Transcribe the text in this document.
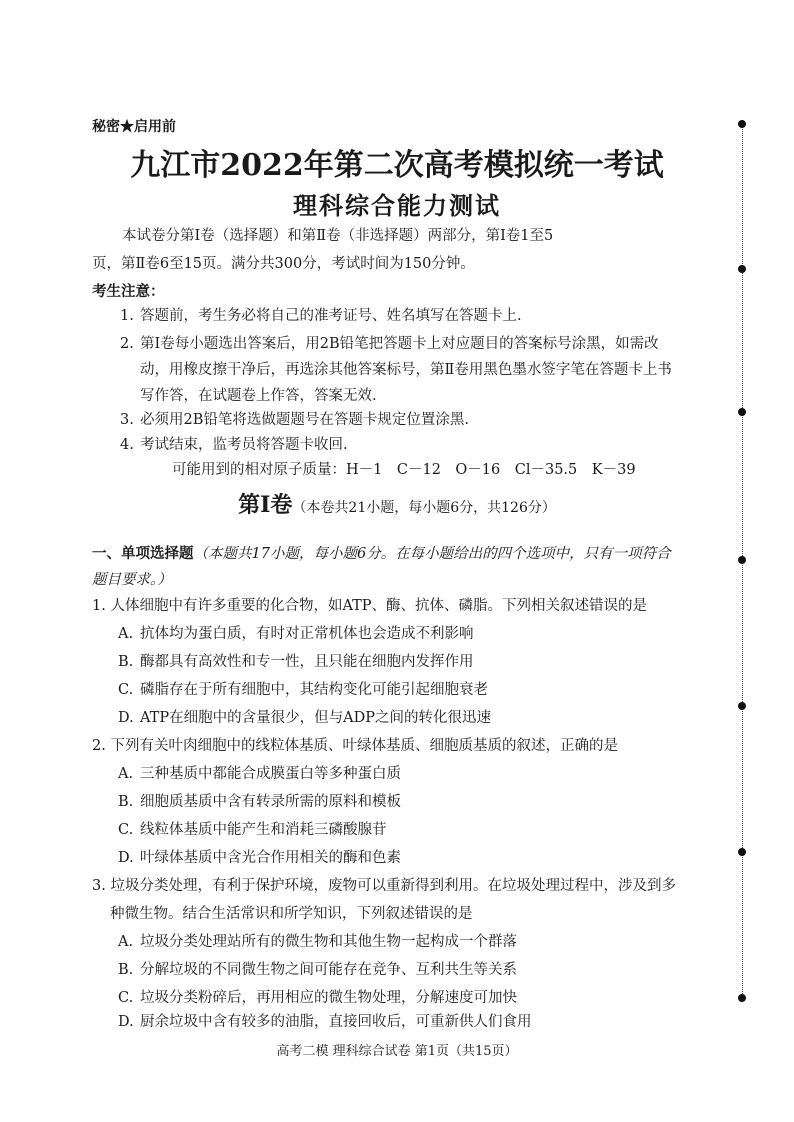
秘密★启用前
九江市2022年第二次高考模拟统一考试
理科综合能力测试
本试卷分第Ⅰ卷（选择题）和第Ⅱ卷（非选择题）两部分，第Ⅰ卷1至5
页，第Ⅱ卷6至15页。满分共300分，考试时间为150分钟。
考生注意：
1. 答题前，考生务必将自己的准考证号、姓名填写在答题卡上.
2. 第Ⅰ卷每小题选出答案后，用2B铅笔把答题卡上对应题目的答案标号涂黑，如需改
动，用橡皮擦干净后，再选涂其他答案标号，第Ⅱ卷用黑色墨水签字笔在答题卡上书
写作答，在试题卷上作答，答案无效.
3. 必须用2B铅笔将选做题题号在答题卡规定位置涂黑.
4. 考试结束，监考员将答题卡收回.
可能用到的相对原子质量：H－1　C－12　O－16　Cl－35.5　K－39
第Ⅰ卷（本卷共21小题，每小题6分，共126分）
一、单项选择题（本题共17小题，每小题6分。在每小题给出的四个选项中，只有一项符合
题目要求。）
1. 人体细胞中有许多重要的化合物，如ATP、酶、抗体、磷脂。下列相关叙述错误的是
A. 抗体均为蛋白质，有时对正常机体也会造成不利影响
B. 酶都具有高效性和专一性，且只能在细胞内发挥作用
C. 磷脂存在于所有细胞中，其结构变化可能引起细胞衰老
D. ATP在细胞中的含量很少，但与ADP之间的转化很迅速
2. 下列有关叶肉细胞中的线粒体基质、叶绿体基质、细胞质基质的叙述，正确的是
A. 三种基质中都能合成膜蛋白等多种蛋白质
B. 细胞质基质中含有转录所需的原料和模板
C. 线粒体基质中能产生和消耗三磷酸腺苷
D. 叶绿体基质中含光合作用相关的酶和色素
3. 垃圾分类处理，有利于保护环境，废物可以重新得到利用。在垃圾处理过程中，涉及到多
种微生物。结合生活常识和所学知识，下列叙述错误的是
A. 垃圾分类处理站所有的微生物和其他生物一起构成一个群落
B. 分解垃圾的不同微生物之间可能存在竞争、互利共生等关系
C. 垃圾分类粉碎后，再用相应的微生物处理，分解速度可加快
D. 厨余垃圾中含有较多的油脂，直接回收后，可重新供人们食用
高考二模 理科综合试卷 第1页（共15页）
